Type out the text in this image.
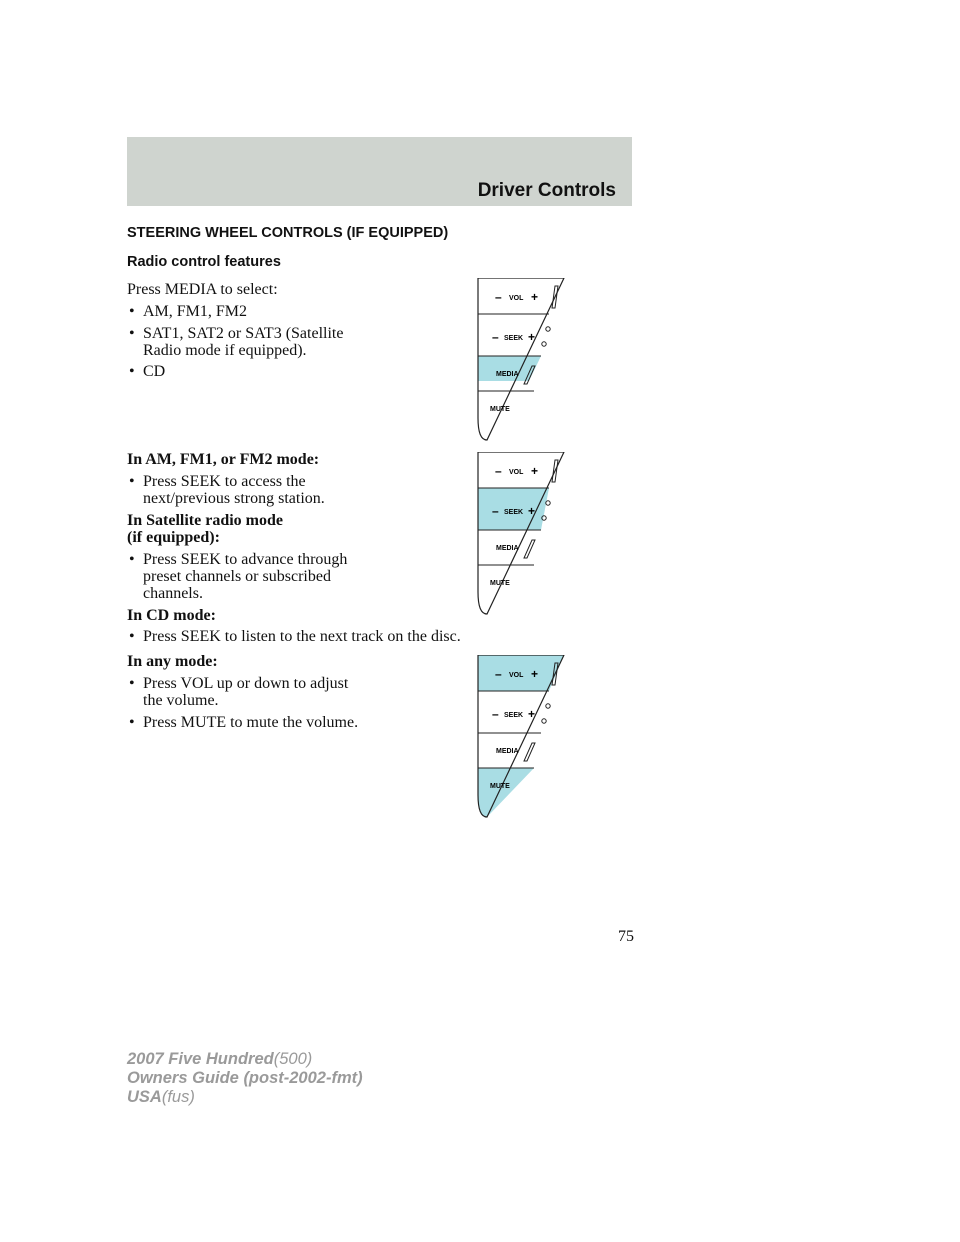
Driver Controls
STEERING WHEEL CONTROLS (IF EQUIPPED)
Radio control features
Press MEDIA to select:
• AM, FM1, FM2
• SAT1, SAT2 or SAT3 (Satellite
Radio mode if equipped).
• CD
In AM, FM1, or FM2 mode:
• Press SEEK to access the
next/previous strong station.
In Satellite radio mode
(if equipped):
• Press SEEK to advance through
preset channels or subscribed
channels.
In CD mode:
• Press SEEK to listen to the next track on the disc.
In any mode:
• Press VOL up or down to adjust
the volume.
• Press MUTE to mute the volume.
– VOL +
– SEEK +
MEDIA
MUTE
– VOL +
– SEEK +
MEDIA
MUTE
– VOL +
– SEEK +
MEDIA
MUTE
75
2007 Five Hundred(500)
Owners Guide (post-2002-fmt)
USA(fus)
